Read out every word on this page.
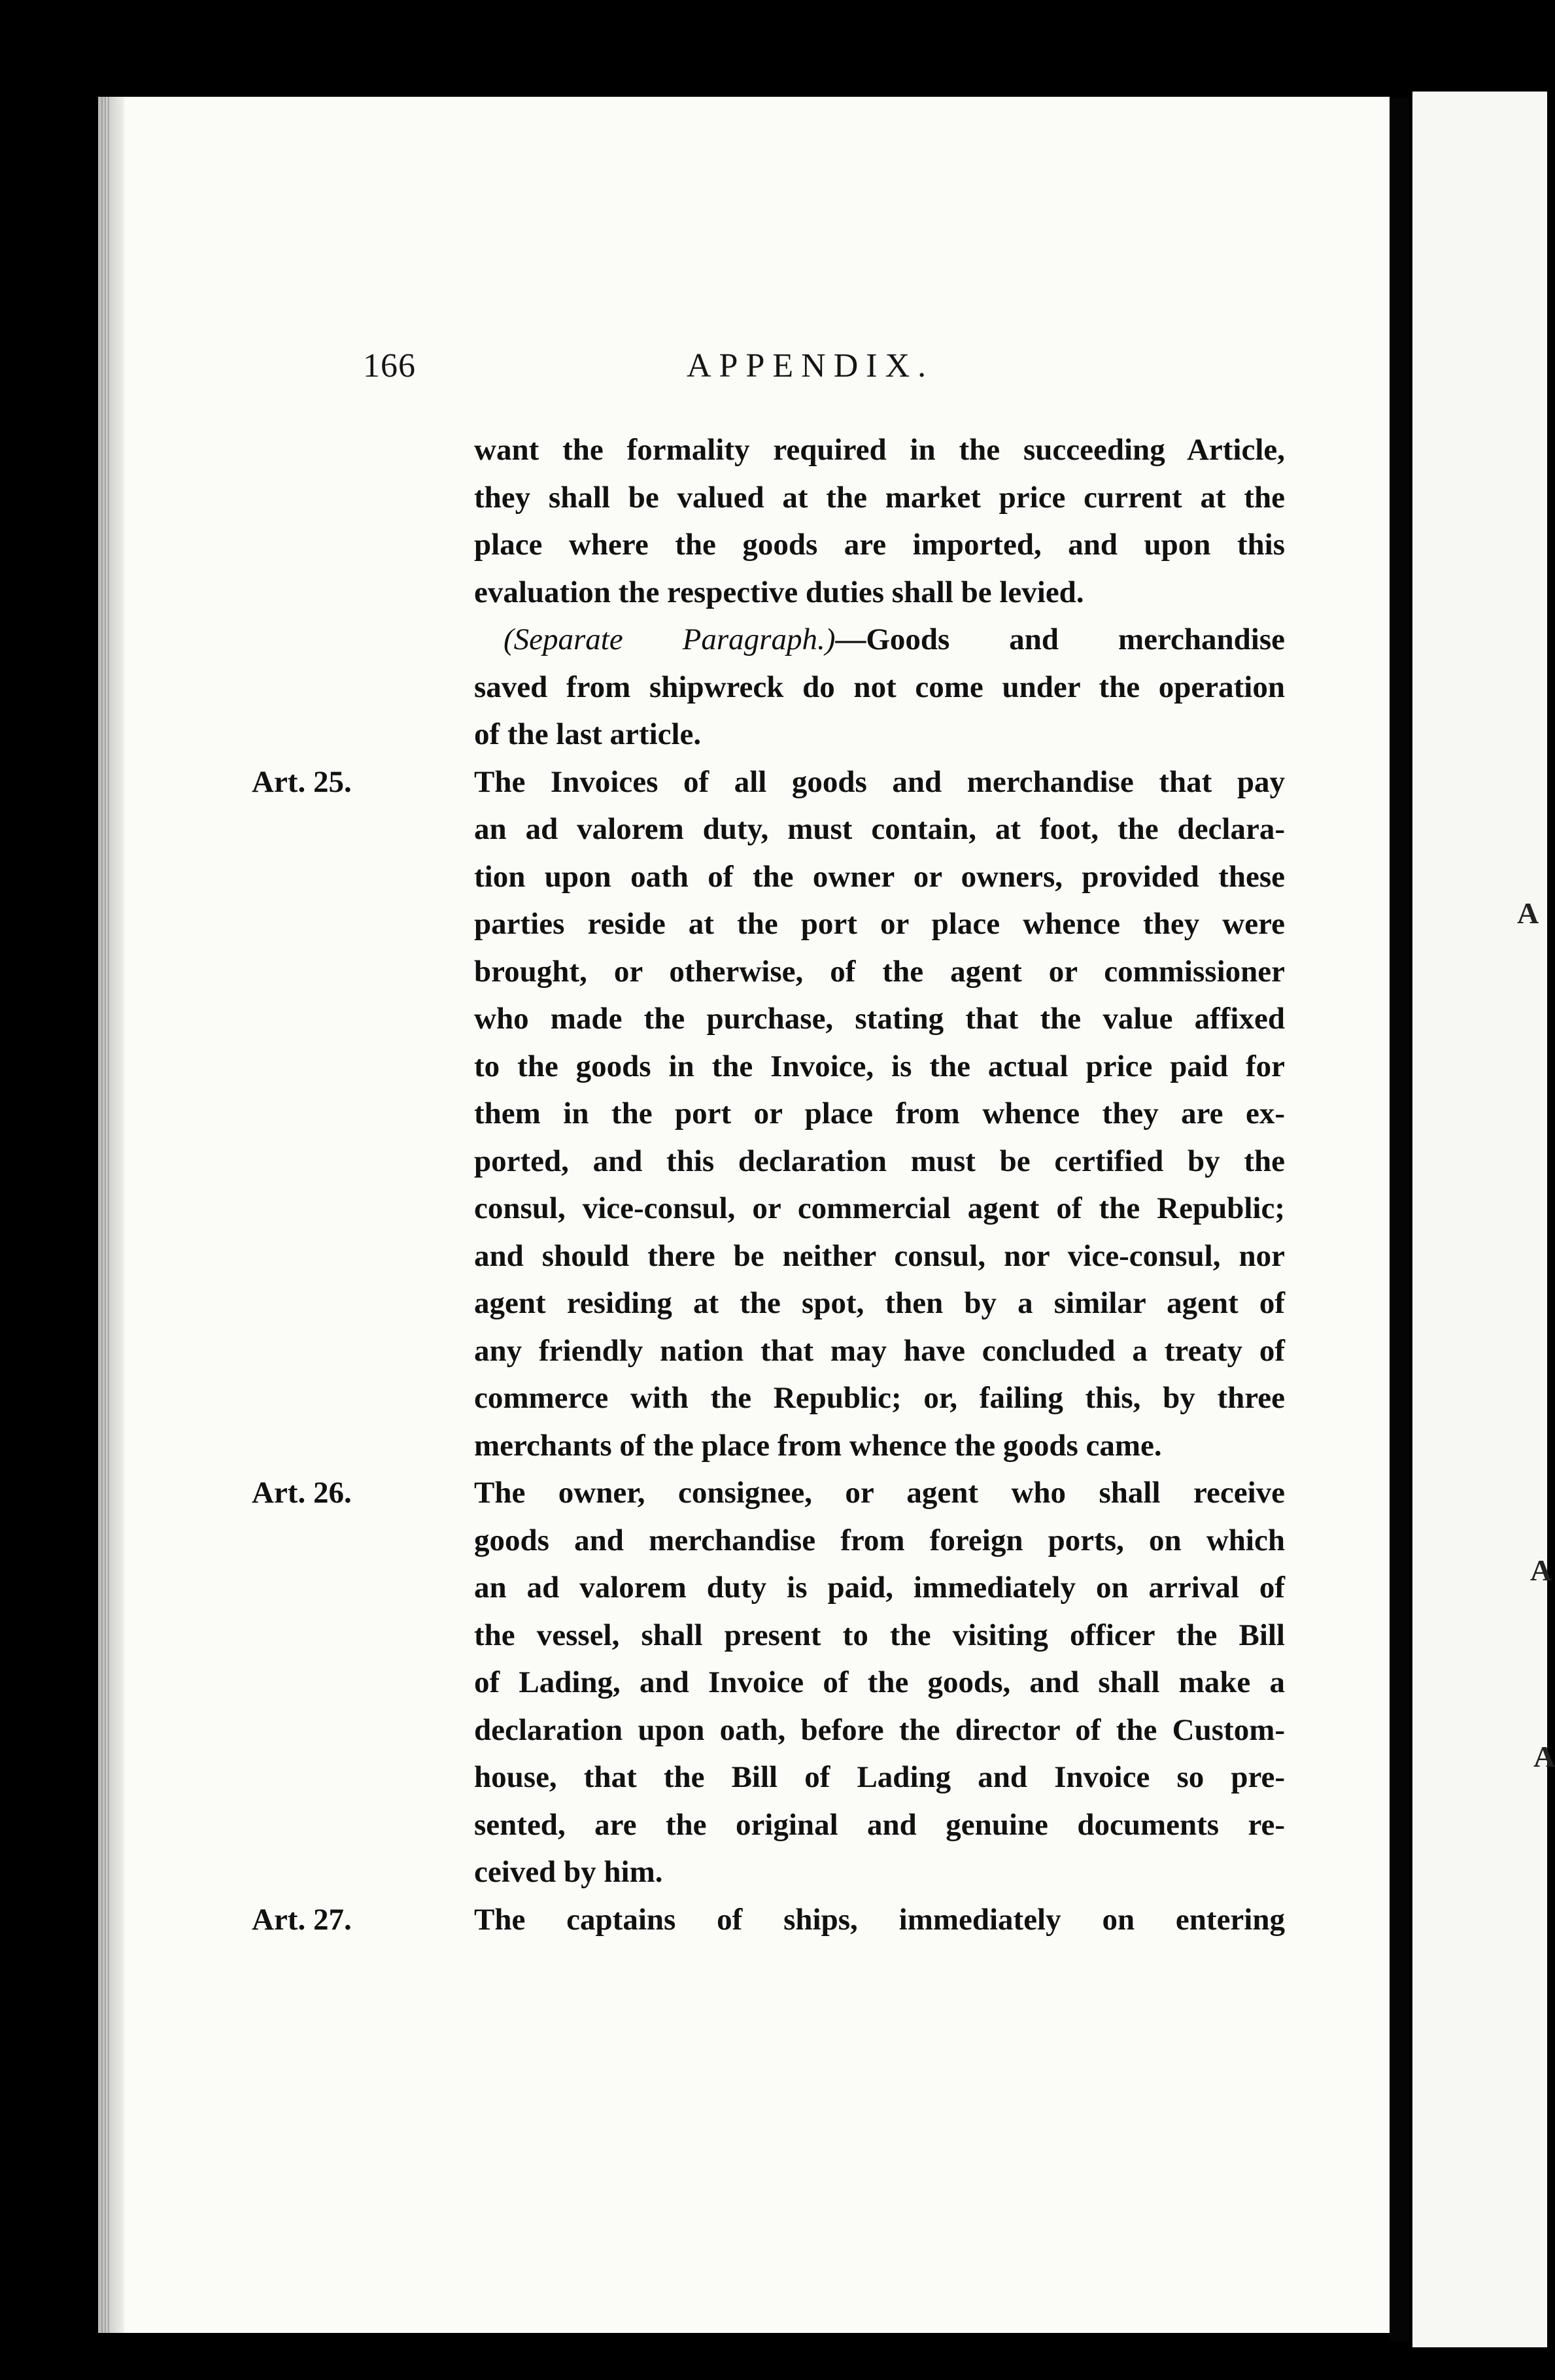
A
A
A
166	APPENDIX.
want the formality required in the succeeding Article,
they shall be valued at the market price current at the
place where the goods are imported, and upon this
evaluation the respective duties shall be levied.
(Separate Paragraph.)—Goods and merchandise
saved from shipwreck do not come under the operation
of the last article.
Art. 25.	The Invoices of all goods and merchandise that pay
an ad valorem duty, must contain, at foot, the declara-
tion upon oath of the owner or owners, provided these
parties reside at the port or place whence they were
brought, or otherwise, of the agent or commissioner
who made the purchase, stating that the value affixed
to the goods in the Invoice, is the actual price paid for
them in the port or place from whence they are ex-
ported, and this declaration must be certified by the
consul, vice-consul, or commercial agent of the Republic;
and should there be neither consul, nor vice-consul, nor
agent residing at the spot, then by a similar agent of
any friendly nation that may have concluded a treaty of
commerce with the Republic; or, failing this, by three
merchants of the place from whence the goods came.
Art. 26.	The owner, consignee, or agent who shall receive
goods and merchandise from foreign ports, on which
an ad valorem duty is paid, immediately on arrival of
the vessel, shall present to the visiting officer the Bill
of Lading, and Invoice of the goods, and shall make a
declaration upon oath, before the director of the Custom-
house, that the Bill of Lading and Invoice so pre-
sented, are the original and genuine documents re-
ceived by him.
Art. 27.	The captains of ships, immediately on entering
